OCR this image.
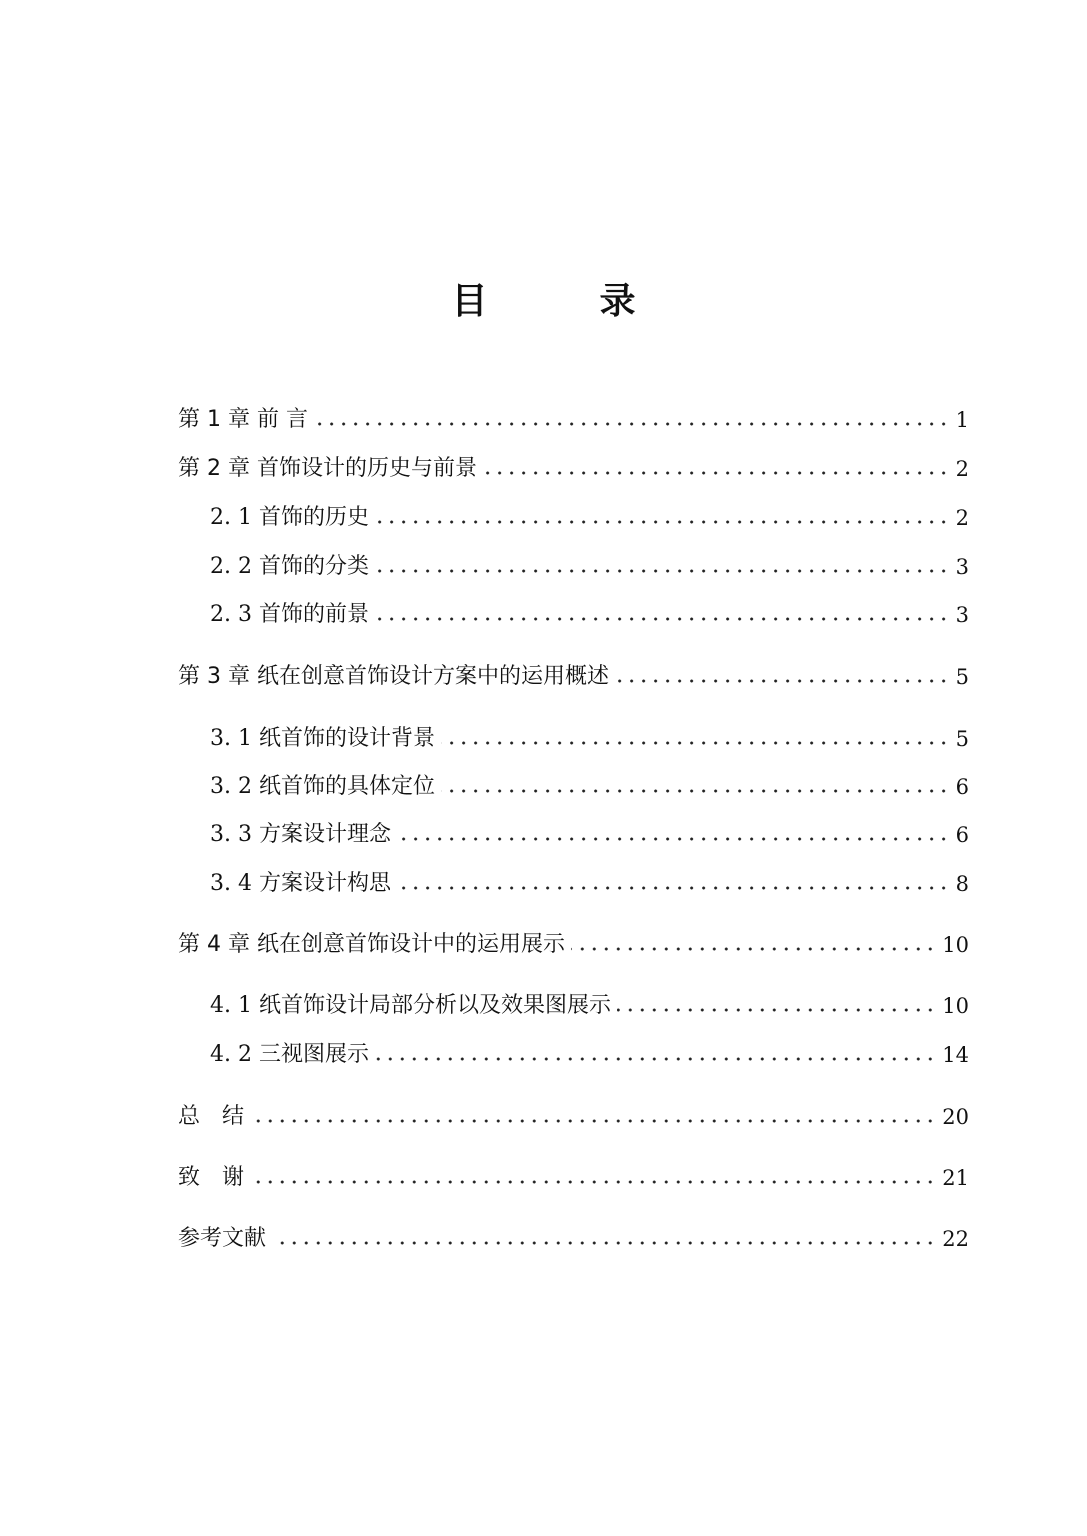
目　录
第 1 章 前 言	1
第 2 章 首饰设计的历史与前景	2
2. 1 首饰的历史	2
2. 2 首饰的分类	3
2. 3 首饰的前景	3
第 3 章 纸在创意首饰设计方案中的运用概述	5
3. 1 纸首饰的设计背景	5
3. 2 纸首饰的具体定位	6
3. 3 方案设计理念	6
3. 4 方案设计构思	8
第 4 章 纸在创意首饰设计中的运用展示	10
4. 1 纸首饰设计局部分析以及效果图展示	10
4. 2 三视图展示	14
总　结	20
致　谢	21
参考文献	22
